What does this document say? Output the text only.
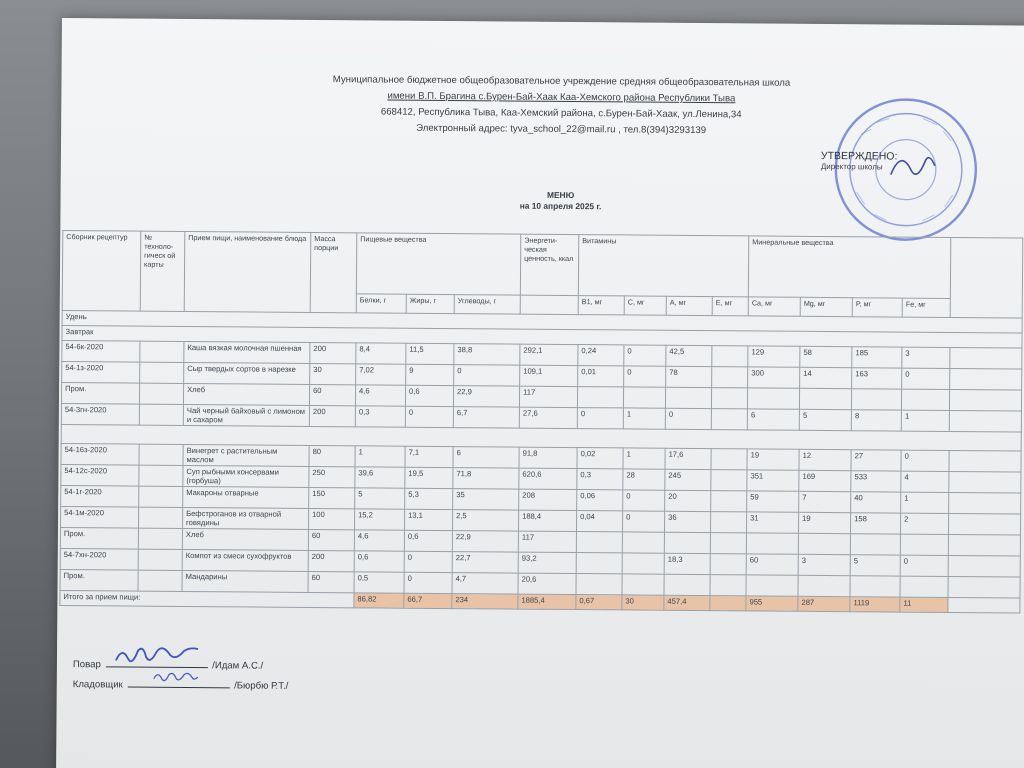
Муниципальное бюджетное общеобразовательное учреждение средняя общеобразовательная школа
имени В.П. Брагина с.Бурен-Бай-Хаак Каа-Хемского района Республики Тыва
668412, Республика Тыва, Каа-Хемский района, с.Бурен-Бай-Хаак, ул.Ленина,34
Электронный адрес: tyva_school_22@mail.ru , тел.8(394)3293139
УТВЕРЖДЕНО:
Директор школы
МЕНЮ
на 10 апреля 2025 г.
Сборник рецептур	№ техноло-гическ ой карты	Прием пищи, наименование блюда	Масса порции	Пищевые вещества			Энергети-ческая ценность, ккал	Витамины				Минеральные вещества				
				Белки, г	Жиры, г	Углеводы, г		B1, мг	C, мг	A, мг	E, мг	Ca, мг	Mg, мг	P, мг	Fe, мг	
Удень																
Завтрак																
54-6к-2020		Каша вязкая молочная пшенная	200	8,4	11,5	38,8	292,1	0,24	0	42,5		129	58	185	3	
54-1з-2020		Сыр твердых сортов в нарезке	30	7,02	9	0	109,1	0,01	0	78		300	14	163	0	
Пром.		Хлеб	60	4,6	0,6	22,9	117									
54-3гн-2020		Чай черный байховый с лимоном и сахаром	200	0,3	0	6,7	27,6	0	1	0		6	5	8	1	

54-16з-2020		Винегрет с растительным маслом	80	1	7,1	6	91,8	0,02	1	17,6		19	12	27	0	
54-12с-2020		Суп рыбными консервами (горбуша)	250	39,6	19,5	71,8	620,6	0,3	28	245		351	169	533	4	
54-1г-2020		Макароны отварные	150	5	5,3	35	208	0,06	0	20		59	7	40	1	
54-1м-2020		Бефстроганов из отварной говядины	100	15,2	13,1	2,5	188,4	0,04	0	36		31	19	158	2	
Пром.		Хлеб	60	4,6	0,6	22,9	117									
54-7хн-2020		Компот из смеси сухофруктов	200	0,6	0	22,7	93,2			18,3		60	3	5	0	
Пром.		Мандарины	60	0,5	0	4,7	20,6									
Итого за прием пищи:				86,82	66,7	234	1885,4	0,67	30	457,4		955	287	1119	11	
Повар	/Идам А.С./
Кладовщик	/Бюрбю Р.Т./
